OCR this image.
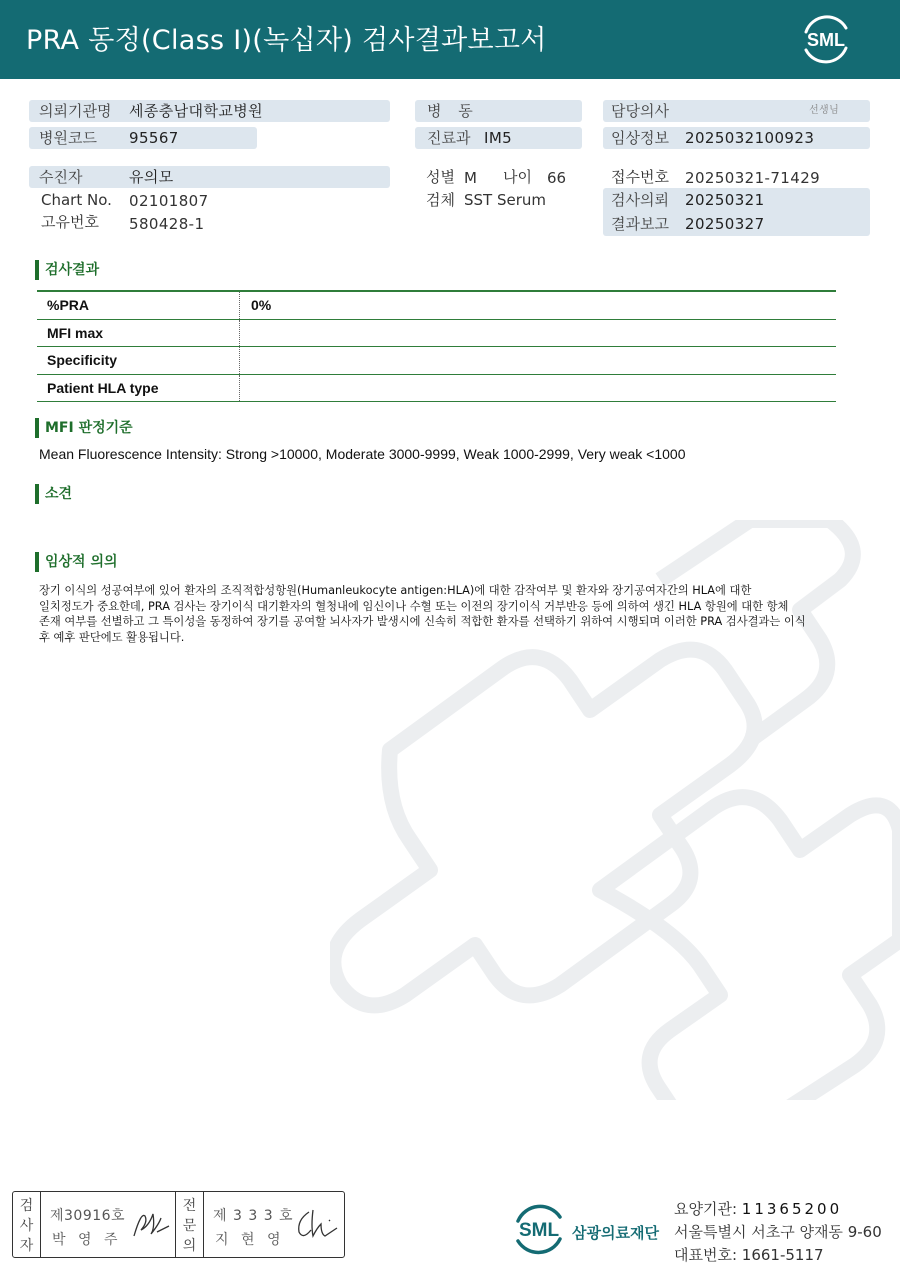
PRA 동정(Class I)(녹십자) 검사결과보고서	SML
의뢰기관명 세종충남대학교병원
병원코드 95567
수진자	유의모
Chart No. 02101807
고유번호 580428-1
병 동
진료과 IM5
성별 M 나이 66
검체 SST Serum
담당의사	선생님
임상정보 2025032100923
접수번호 20250321-71429
검사의뢰 20250321
결과보고 20250327
검사결과
%PRA	0%
MFI max
Specificity
Patient HLA type
MFI 판정기준
Mean Fluorescence Intensity: Strong >10000, Moderate 3000-9999, Weak 1000-2999, Very weak <1000
소견
임상적 의의
장기 이식의 성공여부에 있어 환자의 조직적합성항원(Humanleukocyte antigen:HLA)에 대한 감작여부 및 환자와 장기공여자간의 HLA에 대한
일치정도가 중요한데, PRA 검사는 장기이식 대기환자의 혈청내에 임신이나 수혈 또는 이전의 장기이식 거부반응 등에 의하여 생긴 HLA 항원에 대한 항체
존재 여부를 선별하고 그 특이성을 동정하여 장기를 공여할 뇌사자가 발생시에 신속히 적합한 환자를 선택하기 위하여 시행되며 이러한 PRA 검사결과는 이식
후 예후 판단에도 활용됩니다.
검사자
제30916호
박 영 주
전문의
제 3 3 3 호
지 현 영	SML 삼광의료재단
요양기관: 11365200
서울특별시 서초구 양재동 9-60
대표번호: 1661-5117
